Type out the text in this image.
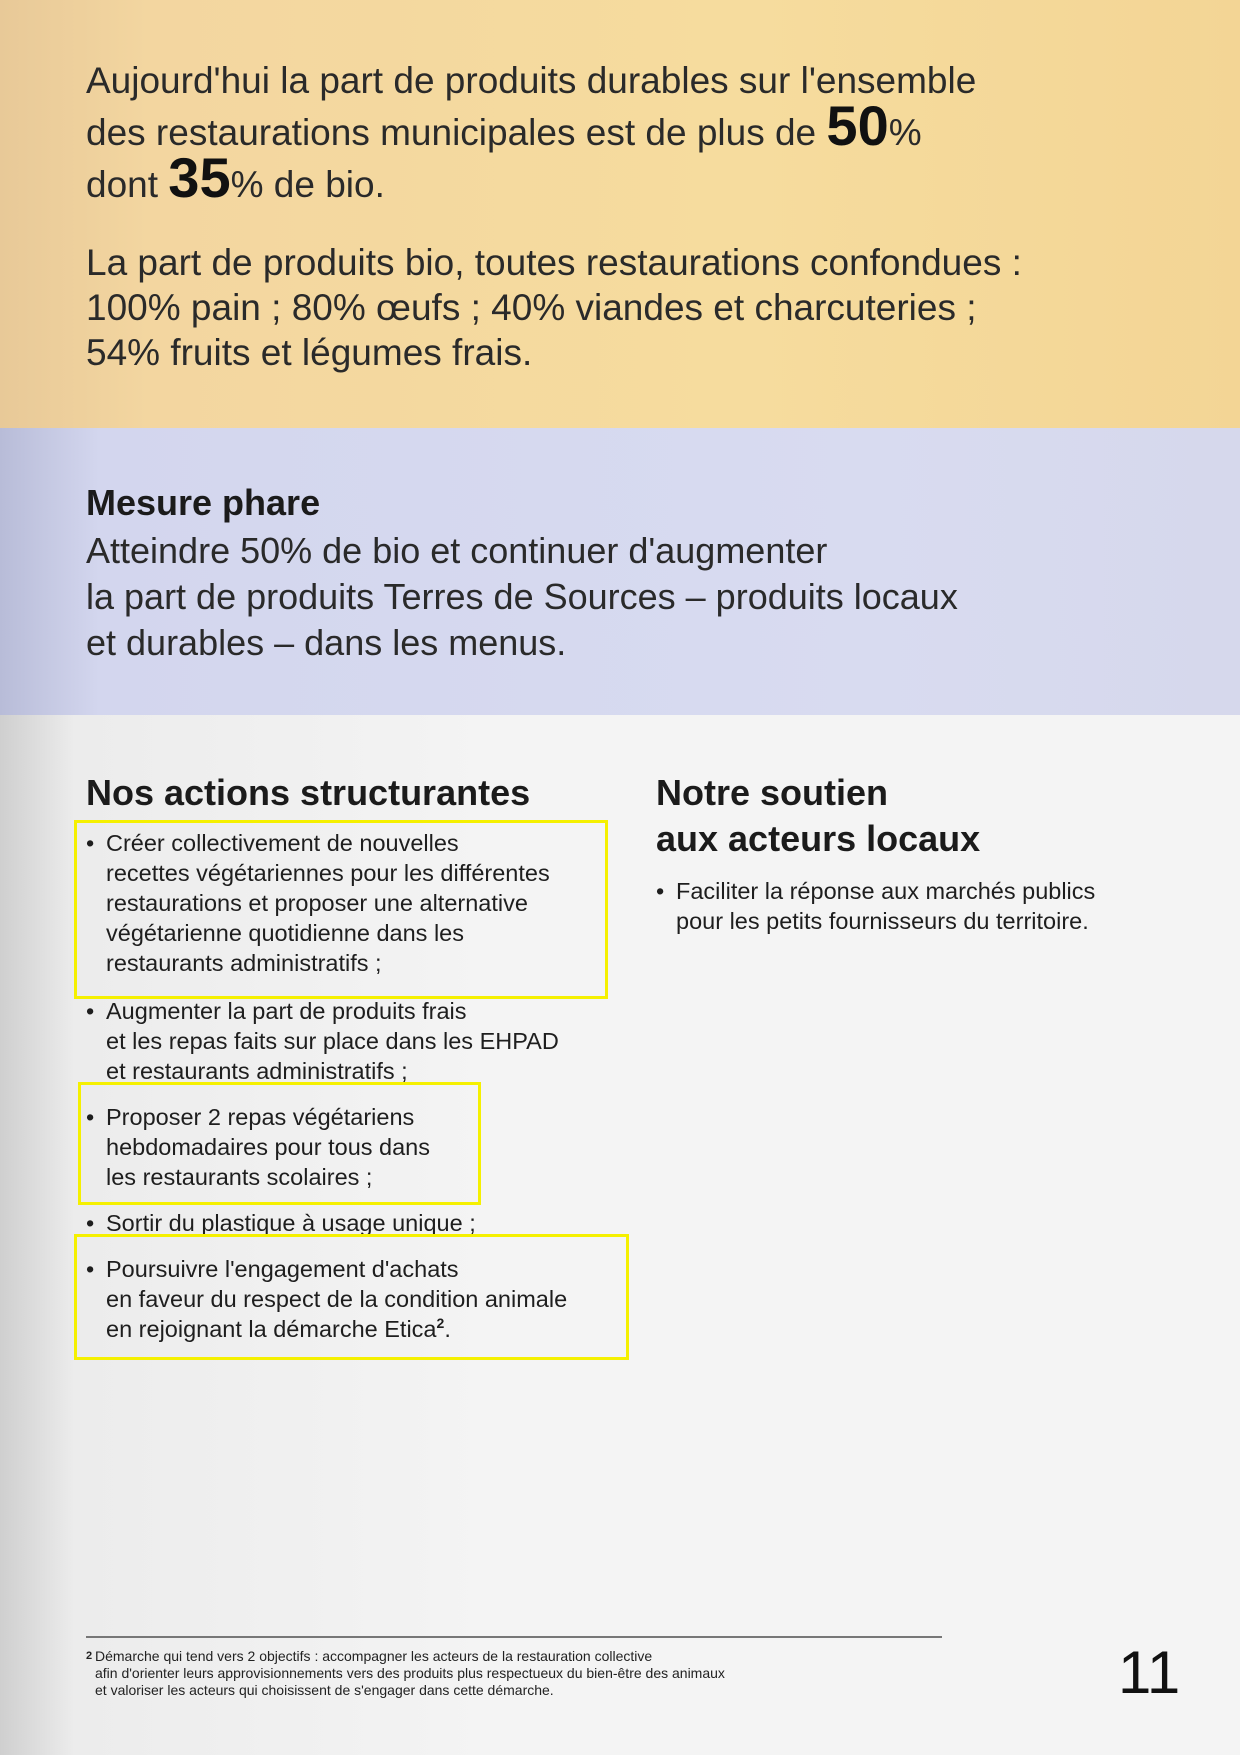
Aujourd'hui la part de produits durables sur l'ensemble

des restaurations municipales est de plus de 50%

dont 35% de bio.

La part de produits bio, toutes restaurations confondues :
100% pain ; 80% œufs ; 40% viandes et charcuteries ;
54% fruits et légumes frais.
Mesure phare
Atteindre 50% de bio et continuer d'augmenter
la part de produits Terres de Sources – produits locaux
et durables – dans les menus.
Nos actions structurantes	Notre soutien
aux acteurs locaux
• Créer collectivement de nouvelles
recettes végétariennes pour les différentes
restaurations et proposer une alternative
végétarienne quotidienne dans les
restaurants administratifs ;
• Augmenter la part de produits frais
et les repas faits sur place dans les EHPAD
et restaurants administratifs ;
• Proposer 2 repas végétariens
hebdomadaires pour tous dans
les restaurants scolaires ;
• Sortir du plastique à usage unique ;
• Poursuivre l'engagement d'achats
en faveur du respect de la condition animale
en rejoignant la démarche Etica$^2$.
• Faciliter la réponse aux marchés publics
pour les petits fournisseurs du territoire.

2 Démarche qui tend vers 2 objectifs : accompagner les acteurs de la restauration collective
afin d'orienter leurs approvisionnements vers des produits plus respectueux du bien-être des animaux
et valoriser les acteurs qui choisissent de s'engager dans cette démarche.	11
